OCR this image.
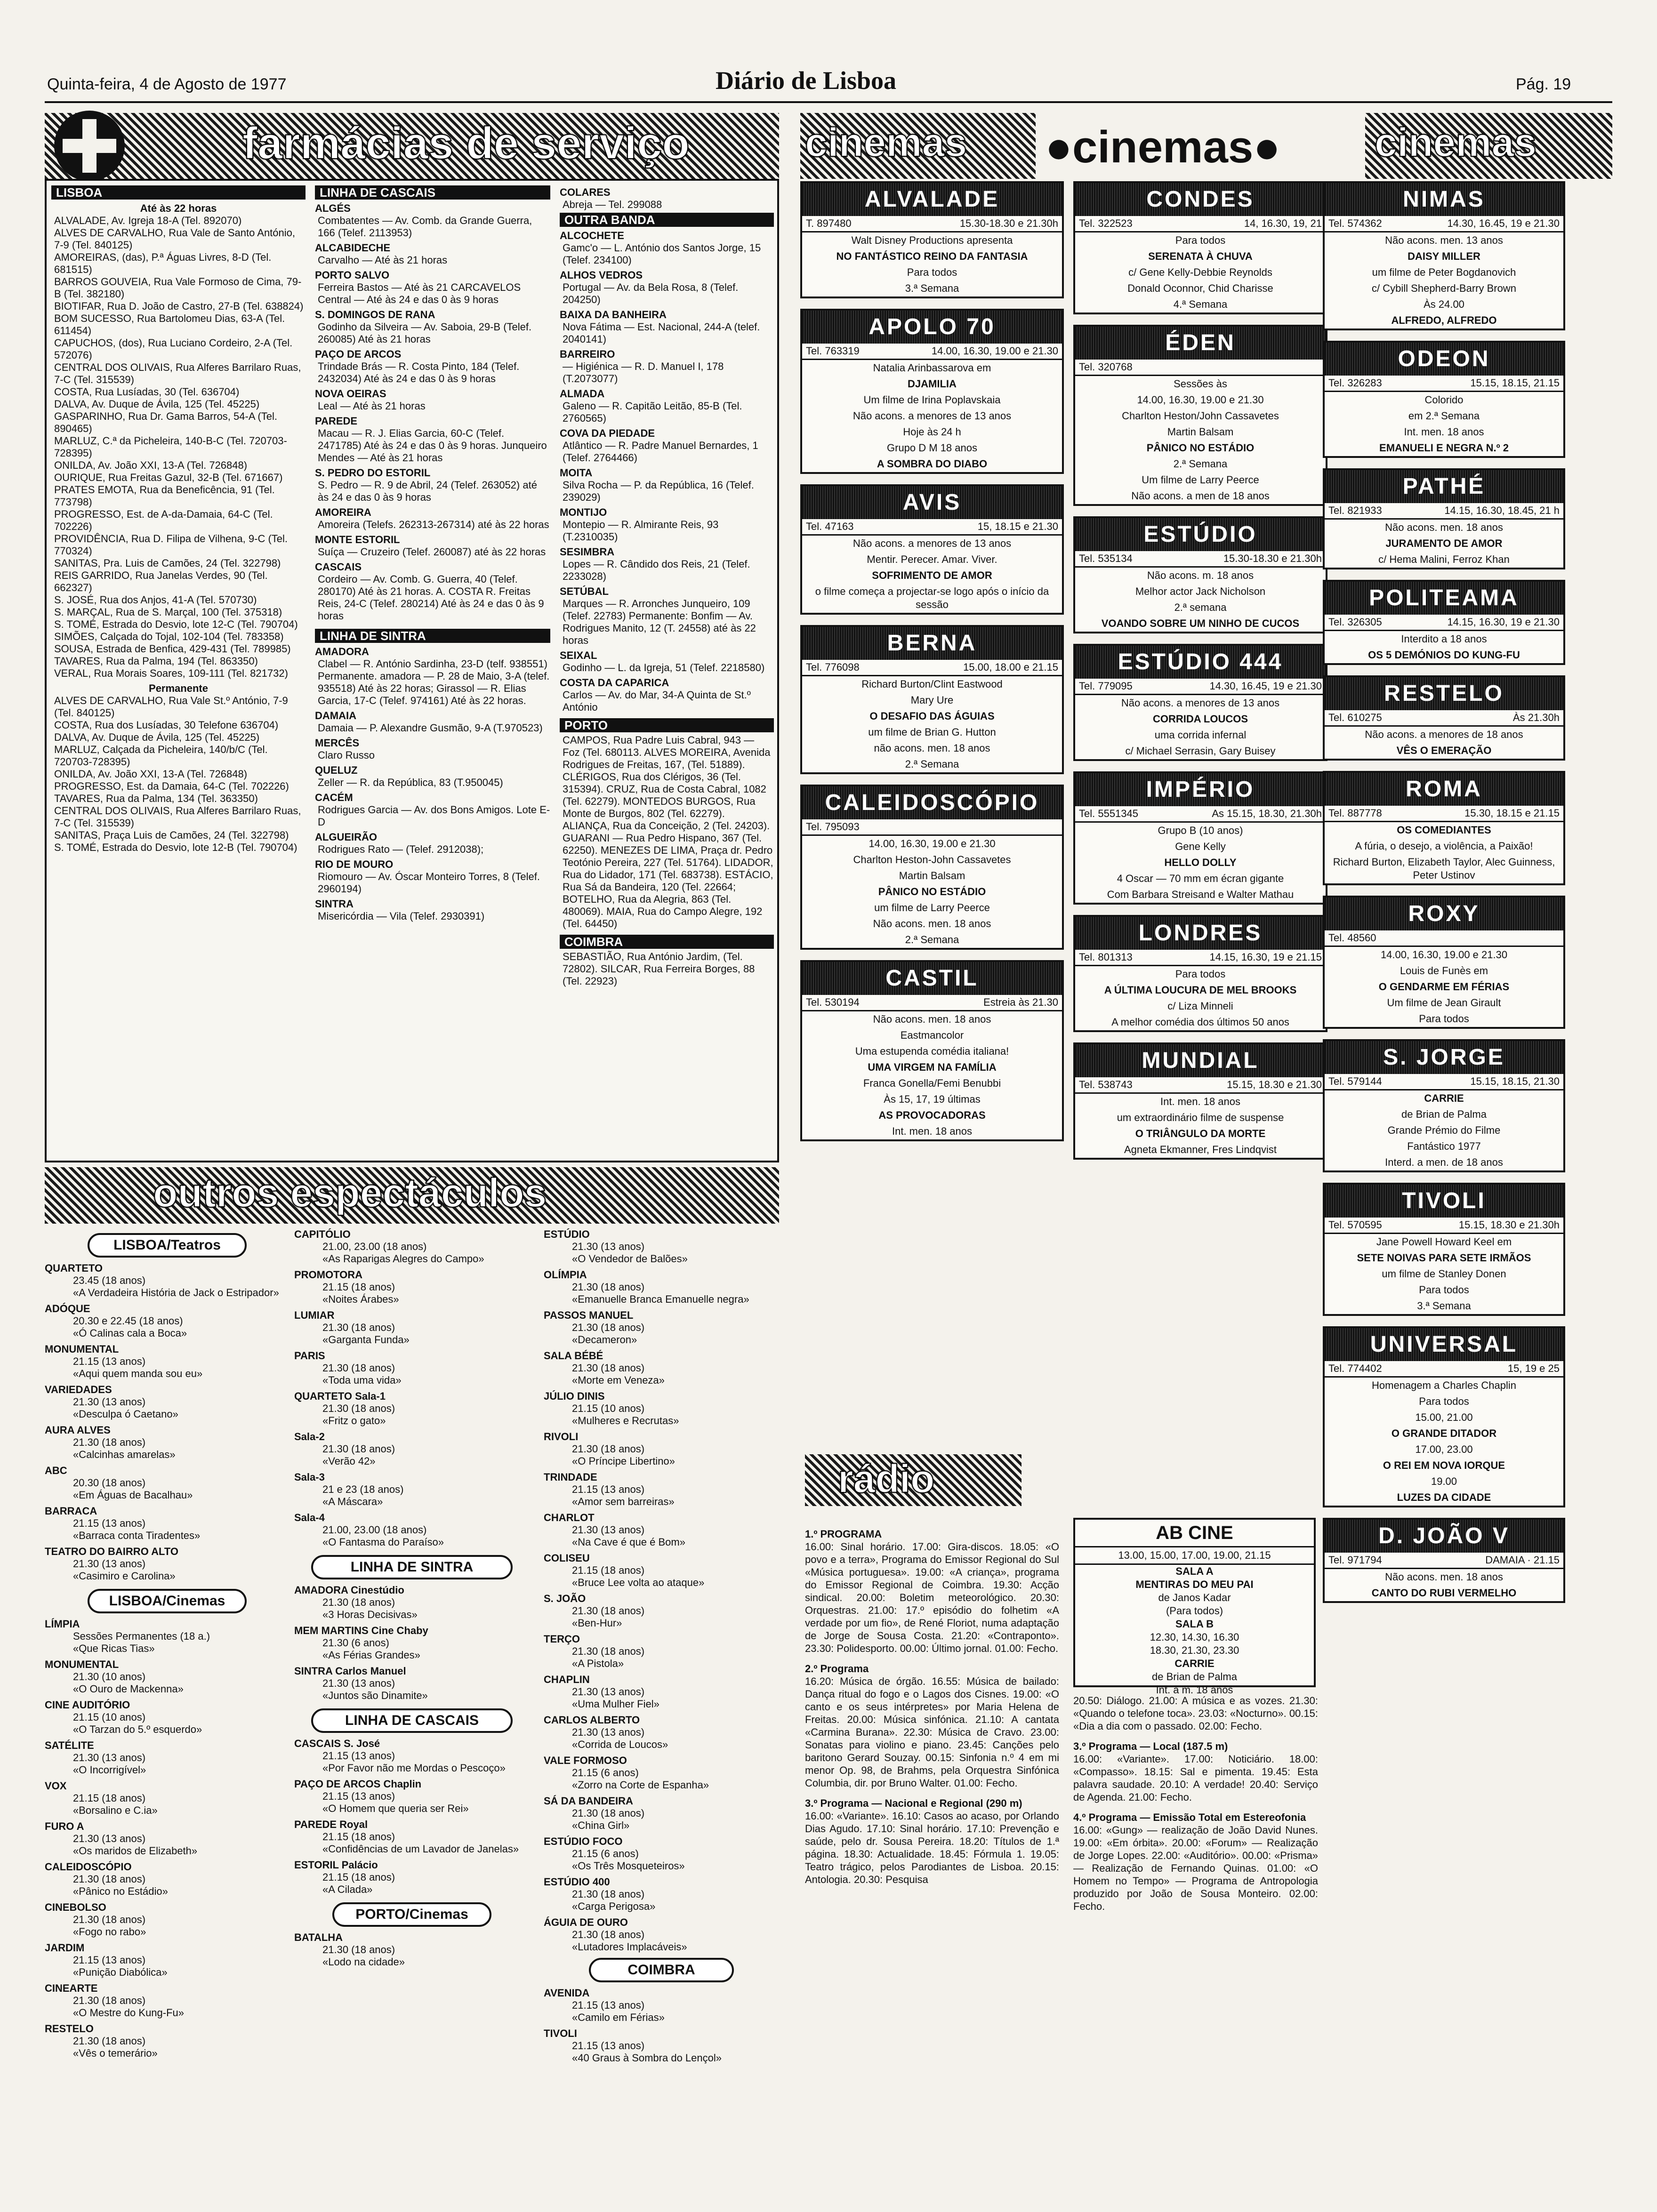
Quinta-feira, 4 de Agosto de 1977	Diário de Lisboa	Pág. 19
farmácias de serviço
LISBOA
Até às 22 horas
ALVALADE, Av. Igreja 18-A (Tel. 892070)
ALVES DE CARVALHO, Rua Vale de Santo António, 7-9 (Tel. 840125)
AMOREIRAS, (das), P.ª Águas Livres, 8-D (Tel. 681515)
BARROS GOUVEIA, Rua Vale Formoso de Cima, 79-B (Tel. 382180)
BIOTIFAR, Rua D. João de Castro, 27-B (Tel. 638824)
BOM SUCESSO, Rua Bartolomeu Dias, 63-A (Tel. 611454)
CAPUCHOS, (dos), Rua Luciano Cordeiro, 2-A (Tel. 572076)
CENTRAL DOS OLIVAIS, Rua Alferes Barrilaro Ruas, 7-C (Tel. 315539)
COSTA, Rua Lusíadas, 30 (Tel. 636704)
DALVA, Av. Duque de Ávila, 125 (Tel. 45225)
GASPARINHO, Rua Dr. Gama Barros, 54-A (Tel. 890465)
MARLUZ, C.ª da Picheleira, 140-B-C (Tel. 720703-728395)
ONILDA, Av. João XXI, 13-A (Tel. 726848)
OURIQUE, Rua Freitas Gazul, 32-B (Tel. 671667)
PRATES EMOTA, Rua da Beneficência, 91 (Tel. 773798)
PROGRESSO, Est. de A-da-Damaia, 64-C (Tel. 702226)
PROVIDÊNCIA, Rua D. Filipa de Vilhena, 9-C (Tel. 770324)
SANITAS, Pra. Luis de Camões, 24 (Tel. 322798)
REIS GARRIDO, Rua Janelas Verdes, 90 (Tel. 662327)
S. JOSÉ, Rua dos Anjos, 41-A (Tel. 570730)
S. MARÇAL, Rua de S. Marçal, 100 (Tel. 375318)
S. TOMÉ, Estrada do Desvio, lote 12-C (Tel. 790704)
SIMÕES, Calçada do Tojal, 102-104 (Tel. 783358)
SOUSA, Estrada de Benfica, 429-431 (Tel. 789985)
TAVARES, Rua da Palma, 194 (Tel. 863350)
VERAL, Rua Morais Soares, 109-111 (Tel. 821732)
Permanente
ALVES DE CARVALHO, Rua Vale St.º António, 7-9 (Tel. 840125)
COSTA, Rua dos Lusíadas, 30 Telefone 636704)
DALVA, Av. Duque de Ávila, 125 (Tel. 45225)
MARLUZ, Calçada da Picheleira, 140/b/C (Tel. 720703-728395)
ONILDA, Av. João XXI, 13-A (Tel. 726848)
PROGRESSO, Est. da Damaia, 64-C (Tel. 702226)
TAVARES, Rua da Palma, 134 (Tel. 363350)
CENTRAL DOS OLIVAIS, Rua Alferes Barrilaro Ruas, 7-C (Tel. 315539)
SANITAS, Praça Luis de Camões, 24 (Tel. 322798)
S. TOMÉ, Estrada do Desvio, lote 12-B (Tel. 790704)
LINHA DE CASCAIS
ALGÉS
Combatentes — Av. Comb. da Grande Guerra, 166 (Telef. 2113953)
ALCABIDECHE
Carvalho — Até às 21 horas
PORTO SALVO
Ferreira Bastos — Até às 21 CARCAVELOS Central — Até às 24 e das 0 às 9 horas
S. DOMINGOS DE RANA
Godinho da Silveira — Av. Saboia, 29-B (Telef. 260085) Até às 21 horas
PAÇO DE ARCOS
Trindade Brás — R. Costa Pinto, 184 (Telef. 2432034) Até às 24 e das 0 às 9 horas
NOVA OEIRAS
Leal — Até às 21 horas
PAREDE
Macau — R. J. Elias Garcia, 60-C (Telef. 2471785) Até às 24 e das 0 às 9 horas. Junqueiro Mendes — Até às 21 horas
S. PEDRO DO ESTORIL
S. Pedro — R. 9 de Abril, 24 (Telef. 263052) até às 24 e das 0 às 9 horas
AMOREIRA
Amoreira (Telefs. 262313-267314) até às 22 horas
MONTE ESTORIL
Suíça — Cruzeiro (Telef. 260087) até às 22 horas
CASCAIS
Cordeiro — Av. Comb. G. Guerra, 40 (Telef. 280170) Até às 21 horas. A. COSTA R. Freitas Reis, 24-C (Telef. 280214) Até às 24 e das 0 às 9 horas
LINHA DE SINTRA
AMADORA
Clabel — R. António Sardinha, 23-D (telf. 938551) Permanente. amadora — P. 28 de Maio, 3-A (telef. 935518) Até às 22 horas; Girassol — R. Elias Garcia, 17-C (Telef. 974161) Até às 22 horas.
DAMAIA
Damaia — P. Alexandre Gusmão, 9-A (T.970523)
MERCÊS
Claro Russo
QUELUZ
Zeller — R. da República, 83 (T.950045)
CACÉM
Rodrigues Garcia — Av. dos Bons Amigos. Lote E-D
ALGUEIRÃO
Rodrigues Rato — (Telef. 2912038);
RIO DE MOURO
Riomouro — Av. Óscar Monteiro Torres, 8 (Telef. 2960194)
SINTRA
Misericórdia — Vila (Telef. 2930391)
COLARES
Abreja — Tel. 299088
OUTRA BANDA
ALCOCHETE
Gamc'o — L. António dos Santos Jorge, 15 (Telef. 234100)
ALHOS VEDROS
Portugal — Av. da Bela Rosa, 8 (Telef. 204250)
BAIXA DA BANHEIRA
Nova Fátima — Est. Nacional, 244-A (telef. 2040141)
BARREIRO
— Higiénica — R. D. Manuel I, 178 (T.2073077)
ALMADA
Galeno — R. Capitão Leitão, 85-B (Tel. 2760565)
COVA DA PIEDADE
Atlântico — R. Padre Manuel Bernardes, 1 (Telef. 2764466)
MOITA
Silva Rocha — P. da República, 16 (Telef. 239029)
MONTIJO
Montepio — R. Almirante Reis, 93 (T.2310035)
SESIMBRA
Lopes — R. Cândido dos Reis, 21 (Telef. 2233028)
SETÚBAL
Marques — R. Arronches Junqueiro, 109 (Telef. 22783) Permanente: Bonfim — Av. Rodrigues Manito, 12 (T. 24558) até às 22 horas
SEIXAL
Godinho — L. da Igreja, 51 (Telef. 2218580)
COSTA DA CAPARICA
Carlos — Av. do Mar, 34-A Quinta de St.º António
PORTO
CAMPOS, Rua Padre Luis Cabral, 943 — Foz (Tel. 680113. ALVES MOREIRA, Avenida Rodrigues de Freitas, 167, (Tel. 51889). CLÉRIGOS, Rua dos Clérigos, 36 (Tel. 315394). CRUZ, Rua de Costa Cabral, 1082 (Tel. 62279). MONTEDOS BURGOS, Rua Monte de Burgos, 802 (Tel. 62279). ALIANÇA, Rua da Conceição, 2 (Tel. 24203). GUARANI — Rua Pedro Hispano, 367 (Tel. 62250). MENEZES DE LIMA, Praça dr. Pedro Teotónio Pereira, 227 (Tel. 51764). LIDADOR, Rua do Lidador, 171 (Tel. 683738). ESTÁCIO, Rua Sá da Bandeira, 120 (Tel. 22664; BOTELHO, Rua da Alegria, 863 (Tel. 480069). MAIA, Rua do Campo Alegre, 192 (Tel. 64450)
COIMBRA
SEBASTIÃO, Rua António Jardim, (Tel. 72802). SILCAR, Rua Ferreira Borges, 88 (Tel. 22923)
cinemas ●cinemas● cinemas
ALVALADE
T. 897480	15.30-18.30 e 21.30h
Walt Disney Productions apresenta
NO FANTÁSTICO REINO DA FANTASIA
Para todos
3.ª Semana
APOLO 70
Tel. 763319	14.00, 16.30, 19.00 e 21.30
Natalia Arinbassarova em
DJAMILIA
Um filme de Irina Poplavskaia
Não acons. a menores de 13 anos
Hoje às 24 h
Grupo D M 18 anos
A SOMBRA DO DIABO
AVIS
Tel. 47163	15, 18.15 e 21.30
Não acons. a menores de 13 anos
Mentir. Perecer. Amar. Viver.
SOFRIMENTO DE AMOR
o filme começa a projectar-se logo após o início da sessão
BERNA
Tel. 776098	15.00, 18.00 e 21.15
Richard Burton/Clint Eastwood
Mary Ure
O DESAFIO DAS ÁGUIAS
um filme de Brian G. Hutton
não acons. men. 18 anos
2.ª Semana
CALEIDOSCÓPIO
Tel. 795093
14.00, 16.30, 19.00 e 21.30
Charlton Heston-John Cassavetes
Martin Balsam
PÂNICO NO ESTÁDIO
um filme de Larry Peerce
Não acons. men. 18 anos
2.ª Semana
CASTIL
Tel. 530194	Estreia às 21.30
Não acons. men. 18 anos
Eastmancolor
Uma estupenda comédia italiana!
UMA VIRGEM NA FAMÍLIA
Franca Gonella/Femi Benubbi
Às 15, 17, 19 últimas
AS PROVOCADORAS
Int. men. 18 anos
CONDES
Tel. 322523	14, 16.30, 19, 21
Para todos
SERENATA À CHUVA
c/ Gene Kelly-Debbie Reynolds
Donald Oconnor, Chid Charisse
4.ª Semana
ÉDEN
Tel. 320768
Sessões às
14.00, 16.30, 19.00 e 21.30
Charlton Heston/John Cassavetes
Martin Balsam
PÂNICO NO ESTÁDIO
2.ª Semana
Um filme de Larry Peerce
Não acons. a men de 18 anos
ESTÚDIO
Tel. 535134	15.30-18.30 e 21.30h
Não acons. m. 18 anos
Melhor actor Jack Nicholson
2.ª semana
VOANDO SOBRE UM NINHO DE CUCOS
ESTÚDIO 444
Tel. 779095	14.30, 16.45, 19 e 21.30
Não acons. a menores de 13 anos
CORRIDA LOUCOS
uma corrida infernal
c/ Michael Serrasin, Gary Buisey
IMPÉRIO
Tel. 5551345	As 15.15, 18.30, 21.30h
Grupo B (10 anos)
Gene Kelly
HELLO DOLLY
4 Oscar — 70 mm em écran gigante
Com Barbara Streisand e Walter Mathau
LONDRES
Tel. 801313	14.15, 16.30, 19 e 21.15
Para todos
A ÚLTIMA LOUCURA DE MEL BROOKS
c/ Liza Minneli
A melhor comédia dos últimos 50 anos
MUNDIAL
Tel. 538743	15.15, 18.30 e 21.30
Int. men. 18 anos
um extraordinário filme de suspense
O TRIÂNGULO DA MORTE
Agneta Ekmanner, Fres Lindqvist
NIMAS
Tel. 574362	14.30, 16.45, 19 e 21.30
Não acons. men. 13 anos
DAISY MILLER
um filme de Peter Bogdanovich
c/ Cybill Shepherd-Barry Brown
Às 24.00
ALFREDO, ALFREDO
ODEON
Tel. 326283	15.15, 18.15, 21.15
Colorido
em 2.ª Semana
Int. men. 18 anos
EMANUELI E NEGRA N.º 2
PATHÉ
Tel. 821933	14.15, 16.30, 18.45, 21 h
Não acons. men. 18 anos
JURAMENTO DE AMOR
c/ Hema Malini, Ferroz Khan
POLITEAMA
Tel. 326305	14.15, 16.30, 19 e 21.30
Interdito a 18 anos
OS 5 DEMÓNIOS DO KUNG-FU
RESTELO
Tel. 610275	Às 21.30h
Não acons. a menores de 18 anos
VÊS O EMERAÇÃO
ROMA
Tel. 887778	15.30, 18.15 e 21.15
OS COMEDIANTES
A fúria, o desejo, a violência, a Paixão!
Richard Burton, Elizabeth Taylor, Alec Guinness, Peter Ustinov
ROXY
Tel. 48560
14.00, 16.30, 19.00 e 21.30
Louis de Funès em
O GENDARME EM FÉRIAS
Um filme de Jean Girault
Para todos
S. JORGE
Tel. 579144	15.15, 18.15, 21.30
CARRIE
de Brian de Palma
Grande Prémio do Filme
Fantástico 1977
Interd. a men. de 18 anos
TIVOLI
Tel. 570595	15.15, 18.30 e 21.30h
Jane Powell Howard Keel em
SETE NOIVAS PARA SETE IRMÃOS
um filme de Stanley Donen
Para todos
3.ª Semana
UNIVERSAL
Tel. 774402	15, 19 e 25
Homenagem a Charles Chaplin
Para todos
15.00, 21.00
O GRANDE DITADOR
17.00, 23.00
O REI EM NOVA IORQUE
19.00
LUZES DA CIDADE
D. JOÃO V
Tel. 971794	DAMAIA · 21.15
Não acons. men. 18 anos
CANTO DO RUBI VERMELHO
AB CINE
13.00, 15.00, 17.00, 19.00, 21.15
SALA A
MENTIRAS DO MEU PAI
de Janos Kadar
(Para todos)
SALA B
12.30, 14.30, 16.30
18.30, 21.30, 23.30
CARRIE
de Brian de Palma
Int. a m. 18 anos
outros espectáculos
LISBOA/Teatros
QUARTETO
23.45 (18 anos)
«A Verdadeira História de Jack o Estripador»
ADÓQUE
20.30 e 22.45 (18 anos)
«Ó Calinas cala a Boca»
MONUMENTAL
21.15 (13 anos)
«Aqui quem manda sou eu»
VARIEDADES
21.30 (13 anos)
«Desculpa ó Caetano»
AURA ALVES
21.30 (18 anos)
«Calcinhas amarelas»
ABC
20.30 (18 anos)
«Em Águas de Bacalhau»
BARRACA
21.15 (13 anos)
«Barraca conta Tiradentes»
TEATRO DO BAIRRO ALTO
21.30 (13 anos)
«Casimiro e Carolina»
LISBOA/Cinemas
LÍMPIA
Sessões Permanentes (18 a.)
«Que Ricas Tias»
MONUMENTAL
21.30 (10 anos)
«O Ouro de Mackenna»
CINE AUDITÓRIO
21.15 (10 anos)
«O Tarzan do 5.º esquerdo»
SATÉLITE
21.30 (13 anos)
«O Incorrigível»
VOX
21.15 (18 anos)
«Borsalino e C.ia»
FURO A
21.30 (13 anos)
«Os maridos de Elizabeth»
CALEIDOSCÓPIO
21.30 (18 anos)
«Pânico no Estádio»
CINEBOLSO
21.30 (18 anos)
«Fogo no rabo»
JARDIM
21.15 (13 anos)
«Punição Diabólica»
CINEARTE
21.30 (18 anos)
«O Mestre do Kung-Fu»
RESTELO
21.30 (18 anos)
«Vês o temerário»
CAPITÓLIO
21.00, 23.00 (18 anos)
«As Raparigas Alegres do Campo»
PROMOTORA
21.15 (18 anos)
«Noites Árabes»
LUMIAR
21.30 (18 anos)
«Garganta Funda»
PARIS
21.30 (18 anos)
«Toda uma vida»
QUARTETO Sala-1
21.30 (18 anos)
«Fritz o gato»
Sala-2
21.30 (18 anos)
«Verão 42»
Sala-3
21 e 23 (18 anos)
«A Máscara»
Sala-4
21.00, 23.00 (18 anos)
«O Fantasma do Paraíso»
LINHA DE SINTRA
AMADORA Cinestúdio
21.30 (18 anos)
«3 Horas Decisivas»
MEM MARTINS Cine Chaby
21.30 (6 anos)
«As Férias Grandes»
SINTRA Carlos Manuel
21.30 (13 anos)
«Juntos são Dinamite»
LINHA DE CASCAIS
CASCAIS S. José
21.15 (13 anos)
«Por Favor não me Mordas o Pescoço»
PAÇO DE ARCOS Chaplin
21.15 (13 anos)
«O Homem que queria ser Rei»
PAREDE Royal
21.15 (18 anos)
«Confidências de um Lavador de Janelas»
ESTORIL Palácio
21.15 (18 anos)
«A Cilada»
PORTO/Cinemas
BATALHA
21.30 (18 anos)
«Lodo na cidade»
ESTÚDIO
21.30 (13 anos)
«O Vendedor de Balões»
OLÍMPIA
21.30 (18 anos)
«Emanuelle Branca Emanuelle negra»
PASSOS MANUEL
21.30 (18 anos)
«Decameron»
SALA BÉBÉ
21.30 (18 anos)
«Morte em Veneza»
JÚLIO DINIS
21.15 (10 anos)
«Mulheres e Recrutas»
RIVOLI
21.30 (18 anos)
«O Príncipe Libertino»
TRINDADE
21.15 (13 anos)
«Amor sem barreiras»
CHARLOT
21.30 (13 anos)
«Na Cave é que é Bom»
COLISEU
21.15 (18 anos)
«Bruce Lee volta ao ataque»
S. JOÃO
21.30 (18 anos)
«Ben-Hur»
TERÇO
21.30 (18 anos)
«A Pistola»
CHAPLIN
21.30 (13 anos)
«Uma Mulher Fiel»
CARLOS ALBERTO
21.30 (13 anos)
«Corrida de Loucos»
VALE FORMOSO
21.15 (6 anos)
«Zorro na Corte de Espanha»
SÁ DA BANDEIRA
21.30 (18 anos)
«China Girl»
ESTÚDIO FOCO
21.15 (6 anos)
«Os Três Mosqueteiros»
ESTÚDIO 400
21.30 (18 anos)
«Carga Perigosa»
ÁGUIA DE OURO
21.30 (18 anos)
«Lutadores Implacáveis»
COIMBRA
AVENIDA
21.15 (13 anos)
«Camilo em Férias»
TIVOLI
21.15 (13 anos)
«40 Graus à Sombra do Lençol»
rádio
1.º PROGRAMA
16.00: Sinal horário. 17.00: Gira-discos. 18.05: «O povo e a terra», Programa do Emissor Regional do Sul «Música portuguesa». 19.00: «A criança», programa do Emissor Regional de Coimbra. 19.30: Acção sindical. 20.00: Boletim meteorológico. 20.30: Orquestras. 21.00: 17.º episódio do folhetim «A verdade por um fio», de René Floriot, numa adaptação de Jorge de Sousa Costa. 21.20: «Contraponto». 23.30: Polidesporto. 00.00: Último jornal. 01.00: Fecho.
2.º Programa
16.20: Música de órgão. 16.55: Música de bailado: Dança ritual do fogo e o Lagos dos Cisnes. 19.00: «O canto e os seus intérpretes» por Maria Helena de Freitas. 20.00: Música sinfónica. 21.10: A cantata «Carmina Burana». 22.30: Música de Cravo. 23.00: Sonatas para violino e piano. 23.45: Canções pelo baritono Gerard Souzay. 00.15: Sinfonia n.º 4 em mi menor Op. 98, de Brahms, pela Orquestra Sinfónica Columbia, dir. por Bruno Walter. 01.00: Fecho.
3.º Programa — Nacional e Regional (290 m)
16.00: «Variante». 16.10: Casos ao acaso, por Orlando Dias Agudo. 17.10: Sinal horário. 17.10: Prevenção e saúde, pelo dr. Sousa Pereira. 18.20: Títulos de 1.ª página. 18.30: Actualidade. 18.45: Fórmula 1. 19.05: Teatro trágico, pelos Parodiantes de Lisboa. 20.15: Antologia. 20.30: Pesquisa
20.50: Diálogo. 21.00: A música e as vozes. 21.30: «Quando o telefone toca». 23.03: «Nocturno». 00.15: «Dia a dia com o passado. 02.00: Fecho.
3.º Programa — Local (187.5 m)
16.00: «Variante». 17.00: Noticiário. 18.00: «Compasso». 18.15: Sal e pimenta. 19.45: Esta palavra saudade. 20.10: A verdade! 20.40: Serviço de Agenda. 21.00: Fecho.
4.º Programa — Emissão Total em Estereofonia
16.00: «Gung» — realização de João David Nunes. 19.00: «Em órbita». 20.00: «Forum» — Realização de Jorge Lopes. 22.00: «Auditório». 00.00: «Prisma» — Realização de Fernando Quinas. 01.00: «O Homem no Tempo» — Programa de Antropologia produzido por João de Sousa Monteiro. 02.00: Fecho.
